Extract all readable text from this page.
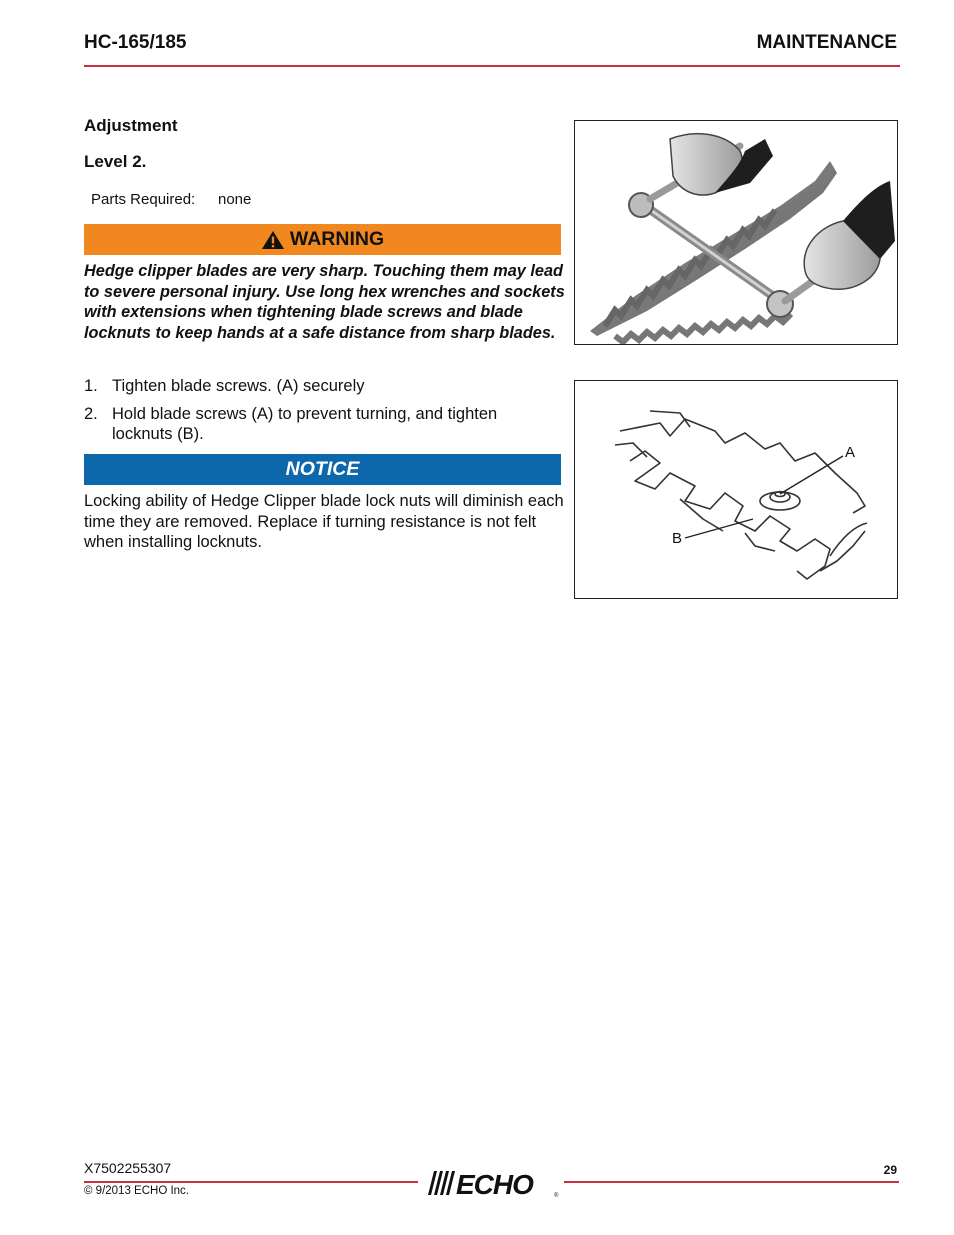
HC-165/185	MAINTENANCE
Adjustment
Level 2.
Parts Required: none
WARNING
Hedge clipper blades are very sharp. Touching them may lead to severe personal injury. Use long hex wrenches and sockets with extensions when tightening blade screws and blade locknuts to keep hands at a safe distance from sharp blades.
1. Tighten blade screws. (A) securely
2. Hold blade screws (A) to prevent turning, and tighten locknuts (B).
NOTICE
Locking ability of Hedge Clipper blade lock nuts will diminish each time they are removed. Replace if turning resistance is not felt when installing locknuts.
A
B
X7502255307
© 9/2013 ECHO Inc.
29
ECHO	®
